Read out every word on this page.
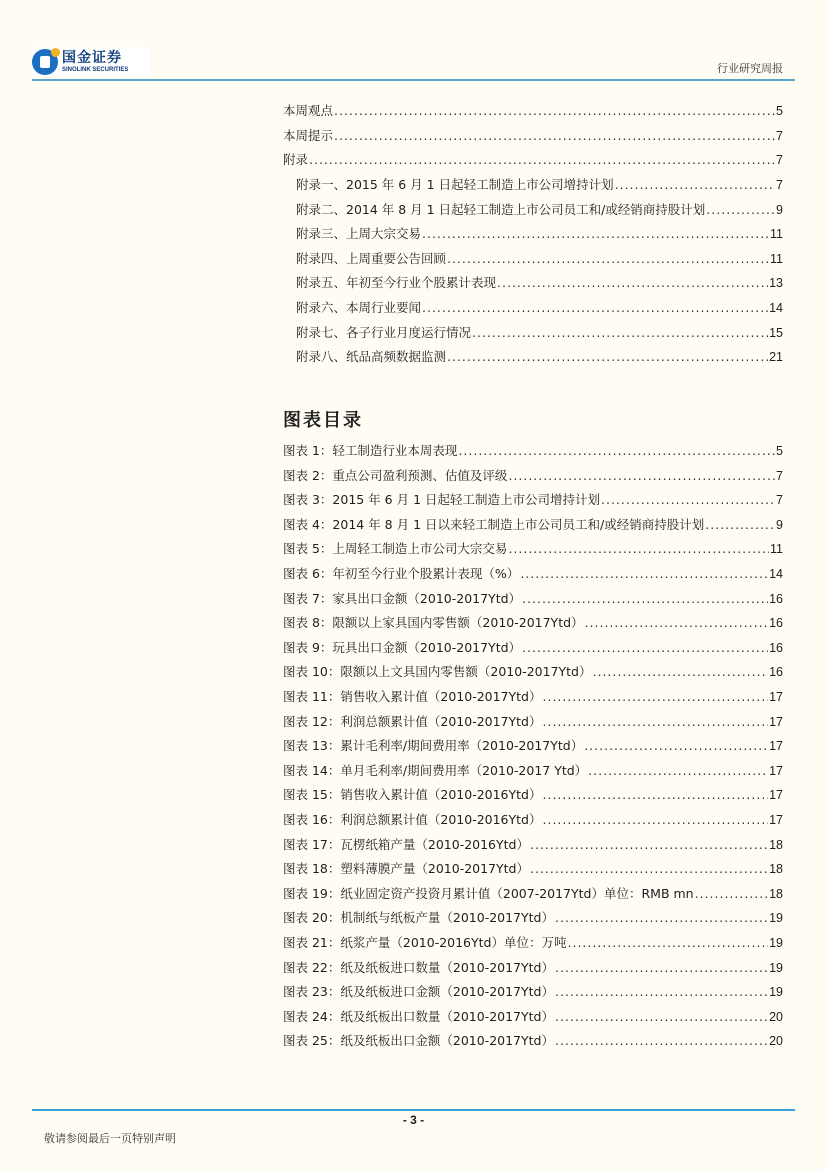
国金证券
SINOLINK SECURITIES	行业研究周报
本周观点 .....	5
本周提示 .....	7
附录 .....	7
附录一、2015 年 6 月 1 日起轻工制造上市公司增持计划 .....	7
附录二、2014 年 8 月 1 日起轻工制造上市公司员工和/或经销商持股计划 .....	9
附录三、上周大宗交易 .....	11
附录四、上周重要公告回顾 .....	11
附录五、年初至今行业个股累计表现 .....	13
附录六、本周行业要闻 .....	14
附录七、各子行业月度运行情况 .....	15
附录八、纸品高频数据监测 .....	21
图表目录
图表 1：轻工制造行业本周表现 .....	5
图表 2：重点公司盈利预测、估值及评级 .....	7
图表 3：2015 年 6 月 1 日起轻工制造上市公司增持计划 .....	7
图表 4：2014 年 8 月 1 日以来轻工制造上市公司员工和/或经销商持股计划 .....	9
图表 5：上周轻工制造上市公司大宗交易 .....	11
图表 6：年初至今行业个股累计表现（%） .....	14
图表 7：家具出口金额（2010-2017Ytd） .....	16
图表 8：限额以上家具国内零售额（2010-2017Ytd） .....	16
图表 9：玩具出口金额（2010-2017Ytd） .....	16
图表 10：限额以上文具国内零售额（2010-2017Ytd） .....	16
图表 11：销售收入累计值（2010-2017Ytd） .....	17
图表 12：利润总额累计值（2010-2017Ytd） .....	17
图表 13：累计毛利率/期间费用率（2010-2017Ytd） .....	17
图表 14：单月毛利率/期间费用率（2010-2017 Ytd） .....	17
图表 15：销售收入累计值（2010-2016Ytd） .....	17
图表 16：利润总额累计值（2010-2016Ytd） .....	17
图表 17：瓦楞纸箱产量（2010-2016Ytd） .....	18
图表 18：塑料薄膜产量（2010-2017Ytd） .....	18
图表 19：纸业固定资产投资月累计值（2007-2017Ytd）单位：RMB mn .....	18
图表 20：机制纸与纸板产量（2010-2017Ytd） .....	19
图表 21：纸浆产量（2010-2016Ytd）单位：万吨 .....	19
图表 22：纸及纸板进口数量（2010-2017Ytd） .....	19
图表 23：纸及纸板进口金额（2010-2017Ytd） .....	19
图表 24：纸及纸板出口数量（2010-2017Ytd） .....	20
图表 25：纸及纸板出口金额（2010-2017Ytd） .....	20
- 3 -
敬请参阅最后一页特别声明
